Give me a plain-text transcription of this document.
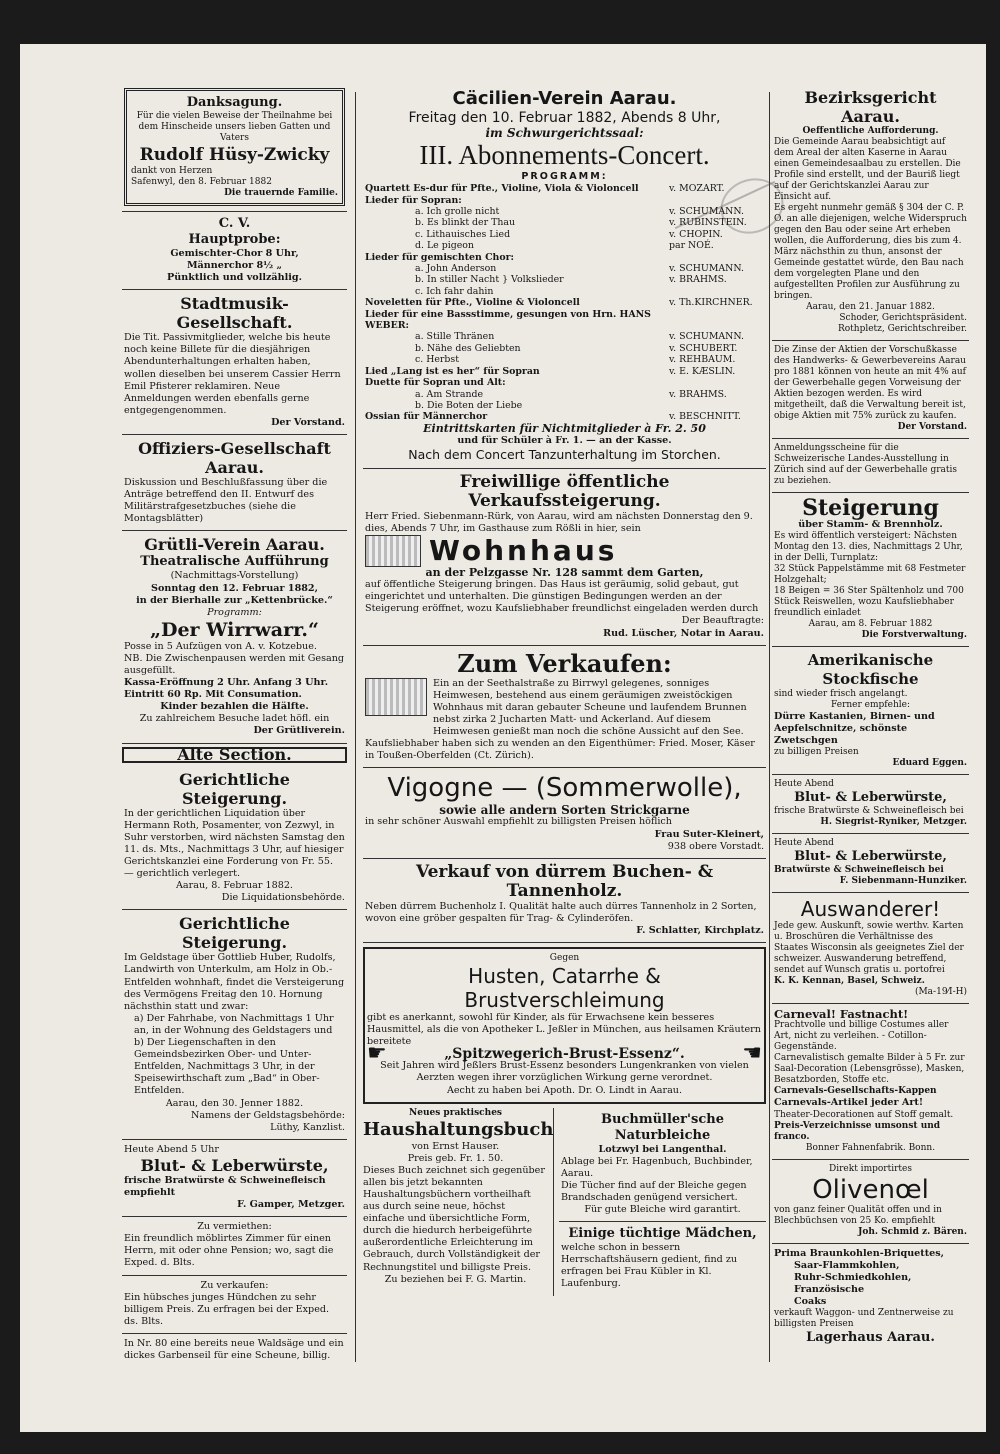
Danksagung.
Für die vielen Beweise der Theilnahme bei dem Hinscheide unsers lieben Gatten und Vaters
Rudolf Hüsy-Zwicky
dankt von Herzen
Safenwyl, den 8. Februar 1882
Die trauernde Familie.
C. V.
Hauptprobe:
Gemischter-Chor 8 Uhr,
Männerchor 8½ „
Pünktlich und vollzählig.
Stadtmusik-Gesellschaft.
Die Tit. Passivmitglieder, welche bis heute noch keine Billete für die diesjährigen Abendunterhaltungen erhalten haben, wollen dieselben bei unserem Cassier Herrn Emil Pfisterer reklamiren. Neue Anmeldungen werden ebenfalls gerne entgegengenommen.
Der Vorstand.
Offiziers-Gesellschaft Aarau.
Diskussion und Beschlußfassung über die Anträge betreffend den II. Entwurf des Militärstrafgesetzbuches (siehe die Montagsblätter)
Grütli-Verein Aarau.
Theatralische Aufführung
(Nachmittags-Vorstellung)
Sonntag den 12. Februar 1882,
in der Bierhalle zur „Kettenbrücke.“
Programm:
„Der Wirrwarr.“
Posse in 5 Aufzügen von A. v. Kotzebue.
NB. Die Zwischenpausen werden mit Gesang ausgefüllt.
Kassa-Eröffnung 2 Uhr. Anfang 3 Uhr.
Eintritt 60 Rp. Mit Consumation.
Kinder bezahlen die Hälfte.
Zu zahlreichem Besuche ladet höfl. ein
Der Grütliverein.
Alte Section.
Gerichtliche Steigerung.
In der gerichtlichen Liquidation über Hermann Roth, Posamenter, von Zezwyl, in Suhr verstorben, wird nächsten Samstag den 11. ds. Mts., Nachmittags 3 Uhr, auf hiesiger Gerichtskanzlei eine Forderung von Fr. 55. — gerichtlich verlegert.
Aarau, 8. Februar 1882.
Die Liquidationsbehörde.
Gerichtliche Steigerung.
Im Geldstage über Gottlieb Huber, Rudolfs, Landwirth von Unterkulm, am Holz in Ob.-Entfelden wohnhaft, findet die Versteigerung des Vermögens Freitag den 10. Hornung nächsthin statt und zwar:
a) Der Fahrhabe, von Nachmittags 1 Uhr an, in der Wohnung des Geldstagers und
b) Der Liegenschaften in den Gemeindsbezirken Ober- und Unter-Entfelden, Nachmittags 3 Uhr, in der Speisewirthschaft zum „Bad“ in Ober-Entfelden.
Aarau, den 30. Jenner 1882.
Namens der Geldstagsbehörde:
Lüthy, Kanzlist.
Heute Abend 5 Uhr
Blut- & Leberwürste,
frische Bratwürste & Schweinefleisch empfiehlt
F. Gamper, Metzger.
Zu vermiethen:
Ein freundlich möblirtes Zimmer für einen Herrn, mit oder ohne Pension; wo, sagt die Exped. d. Blts.
Zu verkaufen:
Ein hübsches junges Hündchen zu sehr billigem Preis. Zu erfragen bei der Exped. ds. Blts.
In Nr. 80 eine bereits neue Waldsäge und ein dickes Garbenseil für eine Scheune, billig.
Cäcilien-Verein Aarau.
Freitag den 10. Februar 1882, Abends 8 Uhr,
im Schwurgerichtssaal:
III. Abonnements-Concert.
PROGRAMM:
Quartett Es-dur für Pfte., Violine, Viola & Violoncell	v. MOZART.
Lieder für Sopran:
a. Ich grolle nicht	v. SCHUMANN.
b. Es blinkt der Thau	v. RUBINSTEIN.
c. Lithauisches Lied	v. CHOPIN.
d. Le pigeon	par NOÉ.
Lieder für gemischten Chor:
a. John Anderson	v. SCHUMANN.
b. In stiller Nacht } Volkslieder	v. BRAHMS.
c. Ich fahr dahin
Noveletten für Pfte., Violine & Violoncell	v. Th.KIRCHNER.
Lieder für eine Bassstimme, gesungen von Hrn. HANS WEBER:
a. Stille Thränen	v. SCHUMANN.
b. Nähe des Geliebten	v. SCHUBERT.
c. Herbst	v. REHBAUM.
Lied „Lang ist es her“ für Sopran	v. E. KÆSLIN.
Duette für Sopran und Alt:
a. Am Strande	v. BRAHMS.
b. Die Boten der Liebe
Ossian für Männerchor	v. BESCHNITT.
Eintrittskarten für Nichtmitglieder à Fr. 2. 50
und für Schüler à Fr. 1. — an der Kasse.
Nach dem Concert Tanzunterhaltung im Storchen.
Freiwillige öffentliche Verkaufssteigerung.
Herr Fried. Siebenmann-Rürk, von Aarau, wird am nächsten Donnerstag den 9. dies, Abends 7 Uhr, im Gasthause zum Rößli in hier, sein
Wohnhaus
an der Pelzgasse Nr. 128 sammt dem Garten,
auf öffentliche Steigerung bringen. Das Haus ist geräumig, solid gebaut, gut eingerichtet und unterhalten. Die günstigen Bedingungen werden an der Steigerung eröffnet, wozu Kaufsliebhaber freundlichst eingeladen werden durch
Der Beauftragte:
Rud. Lüscher, Notar in Aarau.
Zum Verkaufen:
Ein an der Seethalstraße zu Birrwyl gelegenes, sonniges Heimwesen, bestehend aus einem geräumigen zweistöckigen Wohnhaus mit daran gebauter Scheune und laufendem Brunnen nebst zirka 2 Jucharten Matt- und Ackerland. Auf diesem Heimwesen genießt man noch die schöne Aussicht auf den See.
Kaufsliebhaber haben sich zu wenden an den Eigenthümer: Fried. Moser, Käser in Toußen-Oberfelden (Ct. Zürich).
Vigogne — (Sommerwolle),
sowie alle andern Sorten Strickgarne
in sehr schöner Auswahl empfiehlt zu billigsten Preisen höflich
Frau Suter-Kleinert,
938 obere Vorstadt.
Verkauf von dürrem Buchen- & Tannenholz.
Neben dürrem Buchenholz I. Qualität halte auch dürres Tannenholz in 2 Sorten, wovon eine gröber gespalten für Trag- & Cylinderöfen.
F. Schlatter, Kirchplatz.
Gegen
Husten, Catarrhe & Brustverschleimung
gibt es anerkannt, sowohl für Kinder, als für Erwachsene kein besseres Hausmittel, als die von Apotheker L. Jeßler in München, aus heilsamen Kräutern bereitete
☛	„Spitzwegerich-Brust-Essenz“.	☚
Seit Jahren wird Jeßlers Brust-Essenz besonders Lungenkranken von vielen Aerzten wegen ihrer vorzüglichen Wirkung gerne verordnet.
Aecht zu haben bei Apoth. Dr. O. Lindt in Aarau.
Neues praktisches
Haushaltungsbuch
von Ernst Hauser.
Preis geb. Fr. 1. 50.
Dieses Buch zeichnet sich gegenüber allen bis jetzt bekannten Haushaltungsbüchern vortheilhaft aus durch seine neue, höchst einfache und übersichtliche Form, durch die hiedurch herbeigeführte außerordentliche Erleichterung im Gebrauch, durch Vollständigkeit der Rechnungstitel und billigste Preis.
Zu beziehen bei F. G. Martin.
Buchmüller'sche Naturbleiche
Lotzwyl bei Langenthal.
Ablage bei Fr. Hagenbuch, Buchbinder, Aarau.
Die Tücher find auf der Bleiche gegen Brandschaden genügend versichert.
Für gute Bleiche wird garantirt.
Einige tüchtige Mädchen,
welche schon in bessern Herrschaftshäusern gedient, find zu erfragen bei Frau Kübler in Kl. Laufenburg.
Bezirksgericht Aarau.
Oeffentliche Aufforderung.
Die Gemeinde Aarau beabsichtigt auf dem Areal der alten Kaserne in Aarau einen Gemeindesaalbau zu erstellen. Die Profile sind erstellt, und der Bauriß liegt auf der Gerichtskanzlei Aarau zur Einsicht auf.
Es ergeht nunmehr gemäß § 304 der C. P. O. an alle diejenigen, welche Widerspruch gegen den Bau oder seine Art erheben wollen, die Aufforderung, dies bis zum 4. März nächsthin zu thun, ansonst der Gemeinde gestattet würde, den Bau nach dem vorgelegten Plane und den aufgestellten Profilen zur Ausführung zu bringen.
Aarau, den 21. Januar 1882.
Schoder, Gerichtspräsident.
Rothpletz, Gerichtschreiber.
Die Zinse der Aktien der Vorschußkasse des Handwerks- & Gewerbevereins Aarau pro 1881 können von heute an mit 4% auf der Gewerbehalle gegen Vorweisung der Aktien bezogen werden. Es wird mitgetheilt, daß die Verwaltung bereit ist, obige Aktien mit 75% zurück zu kaufen.
Der Vorstand.
Anmeldungsscheine für die Schweizerische Landes-Ausstellung in Zürich sind auf der Gewerbehalle gratis zu beziehen.
Steigerung
über Stamm- & Brennholz.
Es wird öffentlich versteigert: Nächsten Montag den 13. dies, Nachmittags 2 Uhr, in der Delli, Turnplatz:
32 Stück Pappelstämme mit 68 Festmeter Holzgehalt;
18 Beigen = 36 Ster Spältenholz und 700 Stück Reiswellen, wozu Kaufsliebhaber freundlich einladet
Aarau, am 8. Februar 1882
Die Forstverwaltung.
Amerikanische Stockfische
sind wieder frisch angelangt.
Ferner empfehle:
Dürre Kastanien, Birnen- und Aepfelschnitze, schönste Zwetschgen
zu billigen Preisen
Eduard Eggen.
Heute Abend
Blut- & Leberwürste,
frische Bratwürste & Schweinefleisch bei
H. Siegrist-Ryniker, Metzger.
Heute Abend
Blut- & Leberwürste,
Bratwürste & Schweinefleisch bei
F. Siebenmann-Hunziker.
Auswanderer!
Jede gew. Auskunft, sowie werthv. Karten u. Broschüren die Verhältnisse des Staates Wisconsin als geeignetes Ziel der schweizer. Auswanderung betreffend, sendet auf Wunsch gratis u. portofrei
K. K. Kennan, Basel, Schweiz.
(Ma-19⁄I-H)
Carneval! Fastnacht!
Prachtvolle und billige Costumes aller Art, nicht zu verleihen. - Cotillon-Gegenstände.
Carnevalistisch gemalte Bilder à 5 Fr. zur Saal-Decoration (Lebensgrösse), Masken, Besatzborden, Stoffe etc.
Carnevals-Gesellschafts-Kappen
Carnevals-Artikel jeder Art!
Theater-Decorationen auf Stoff gemalt.
Preis-Verzeichnisse umsonst und franco.
Bonner Fahnenfabrik. Bonn.
Direkt importirtes
Olivenœl
von ganz feiner Qualität offen und in Blechbüchsen von 25 Ko. empfiehlt
Joh. Schmid z. Bären.
Prima Braunkohlen-Briquettes,
Saar-Flammkohlen,
Ruhr-Schmiedkohlen,
Französische
Coaks
verkauft Waggon- und Zentnerweise zu billigsten Preisen
Lagerhaus Aarau.
